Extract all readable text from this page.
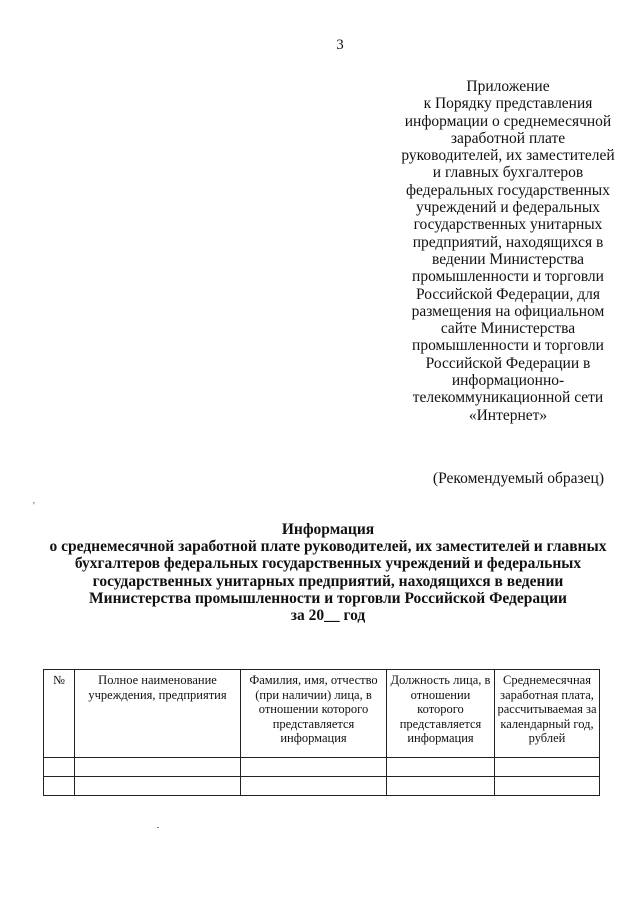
3
Приложение
к Порядку представления
информации о среднемесячной
заработной плате
руководителей, их заместителей
и главных бухгалтеров
федеральных государственных
учреждений и федеральных
государственных унитарных
предприятий, находящихся в
ведении Министерства
промышленности и торговли
Российской Федерации, для
размещения на официальном
сайте Министерства
промышленности и торговли
Российской Федерации в
информационно-
телекоммуникационной сети
«Интернет»
(Рекомендуемый образец)
'
Информация
о среднемесячной заработной плате руководителей, их заместителей и главных
бухгалтеров федеральных государственных учреждений и федеральных
государственных унитарных предприятий, находящихся в ведении
Министерства промышленности и торговли Российской Федерации
за 20__ год
№	Полное наименование учреждения, предприятия	Фамилия, имя, отчество (при наличии) лица, в отношении которого представляется информация	Должность лица, в отношении которого представляется информация	Среднемесячная заработная плата, рассчитываемая за календарный год, рублей
